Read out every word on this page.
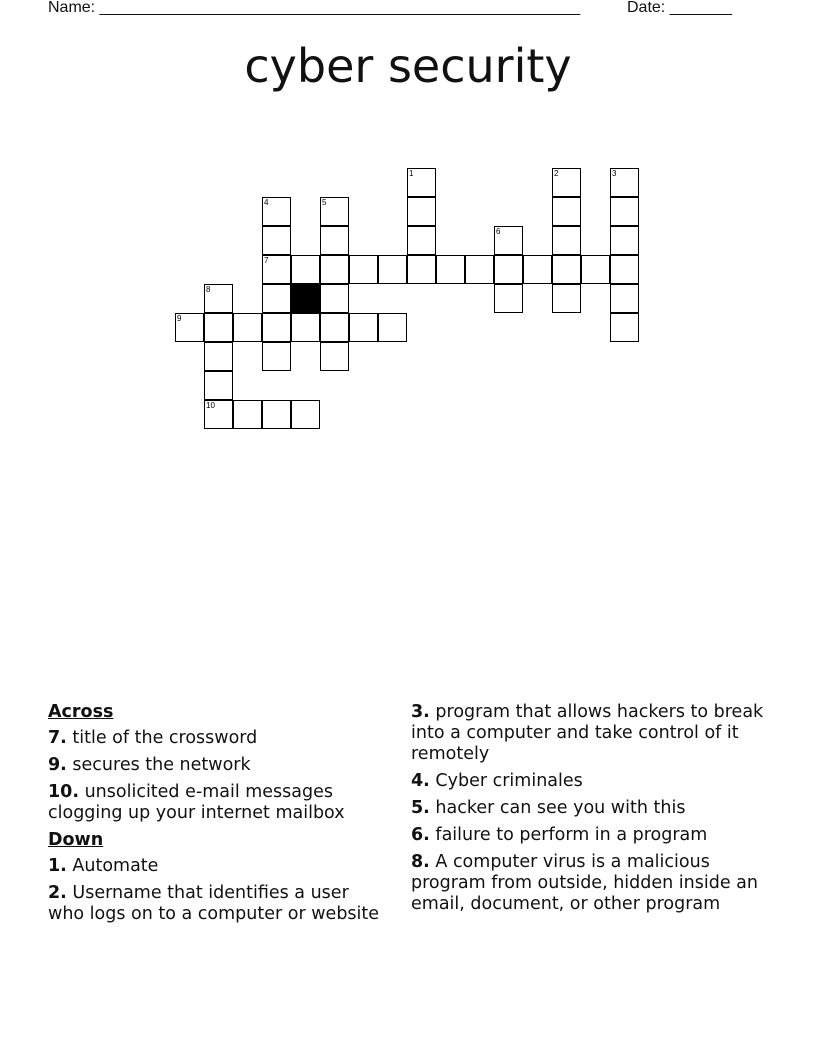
Name: ______________________________________________________	Date: _______
cyber security
1	2	3
4	5
6
7
8
9
10
Across
7. title of the crossword
9. secures the network
10. unsolicited e-mail messages clogging up your internet mailbox
Down
1. Automate
2. Username that identifies a user who logs on to a computer or website
3. program that allows hackers to break into a computer and take control of it remotely
4. Cyber criminales
5. hacker can see you with this
6. failure to perform in a program
8. A computer virus is a malicious program from outside, hidden inside an email, document, or other program
